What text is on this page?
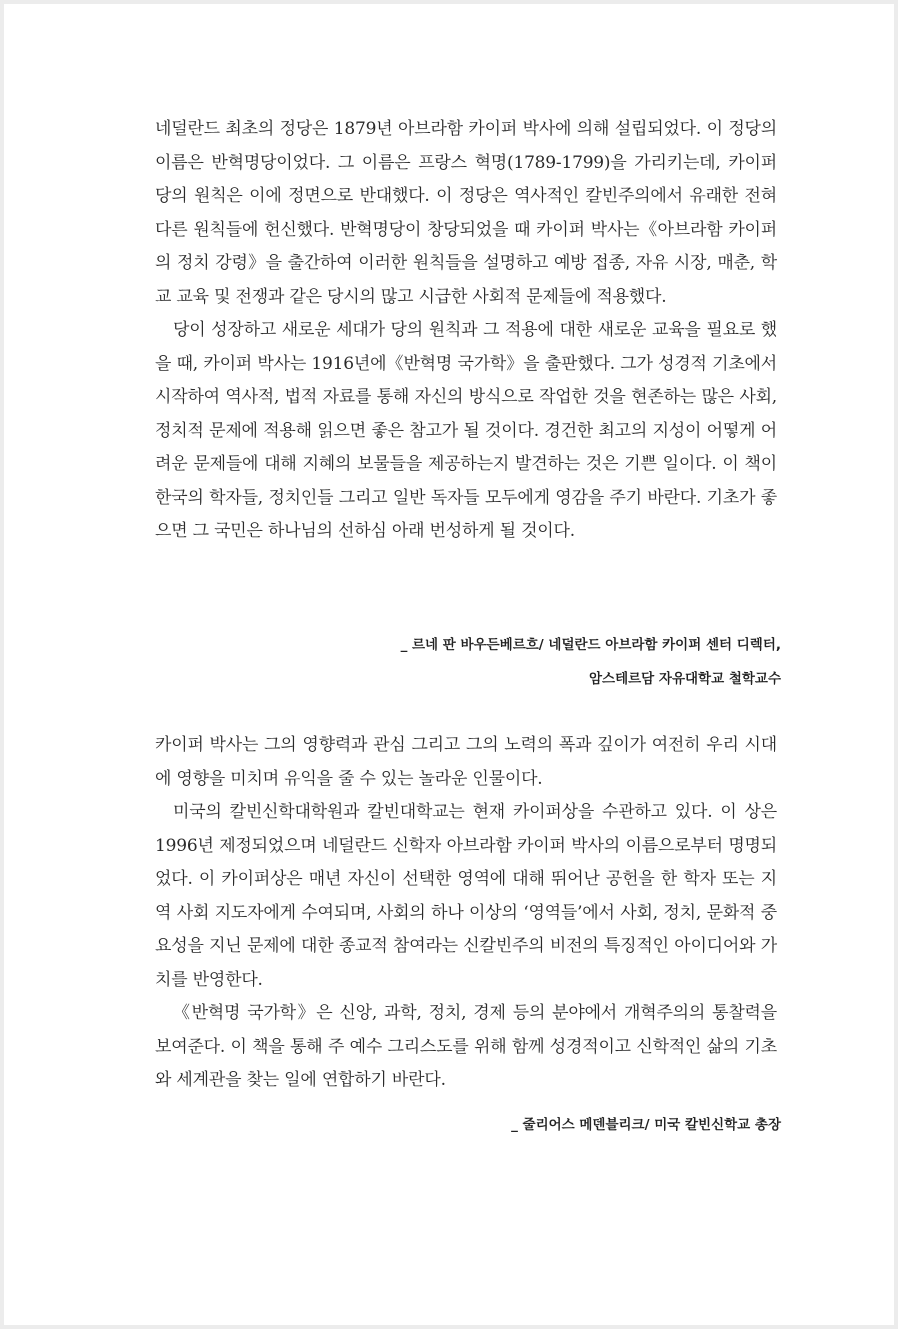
네덜란드 최초의 정당은 1879년 아브라함 카이퍼 박사에 의해 설립되었다. 이 정당의 이름은 반혁명당이었다. 그 이름은 프랑스 혁명(1789-1799)을 가리키는데, 카이퍼 당의 원칙은 이에 정면으로 반대했다. 이 정당은 역사적인 칼빈주의에서 유래한 전혀 다른 원칙들에 헌신했다. 반혁명당이 창당되었을 때 카이퍼 박사는《아브라함 카이퍼의 정치 강령》을 출간하여 이러한 원칙들을 설명하고 예방 접종, 자유 시장, 매춘, 학교 교육 및 전쟁과 같은 당시의 많고 시급한 사회적 문제들에 적용했다.

당이 성장하고 새로운 세대가 당의 원칙과 그 적용에 대한 새로운 교육을 필요로 했을 때, 카이퍼 박사는 1916년에《반혁명 국가학》을 출판했다. 그가 성경적 기초에서 시작하여 역사적, 법적 자료를 통해 자신의 방식으로 작업한 것을 현존하는 많은 사회, 정치적 문제에 적용해 읽으면 좋은 참고가 될 것이다. 경건한 최고의 지성이 어떻게 어려운 문제들에 대해 지혜의 보물들을 제공하는지 발견하는 것은 기쁜 일이다. 이 책이 한국의 학자들, 정치인들 그리고 일반 독자들 모두에게 영감을 주기 바란다. 기초가 좋으면 그 국민은 하나님의 선하심 아래 번성하게 될 것이다.

_ 르네 판 바우든베르흐/ 네덜란드 아브라함 카이퍼 센터 디렉터,
암스테르담 자유대학교 철학교수

카이퍼 박사는 그의 영향력과 관심 그리고 그의 노력의 폭과 깊이가 여전히 우리 시대에 영향을 미치며 유익을 줄 수 있는 놀라운 인물이다.

미국의 칼빈신학대학원과 칼빈대학교는 현재 카이퍼상을 수관하고 있다. 이 상은 1996년 제정되었으며 네덜란드 신학자 아브라함 카이퍼 박사의 이름으로부터 명명되었다. 이 카이퍼상은 매년 자신이 선택한 영역에 대해 뛰어난 공헌을 한 학자 또는 지역 사회 지도자에게 수여되며, 사회의 하나 이상의 ‘영역들’에서 사회, 정치, 문화적 중요성을 지닌 문제에 대한 종교적 참여라는 신칼빈주의 비전의 특징적인 아이디어와 가치를 반영한다.

《반혁명 국가학》은 신앙, 과학, 정치, 경제 등의 분야에서 개혁주의의 통찰력을 보여준다. 이 책을 통해 주 예수 그리스도를 위해 함께 성경적이고 신학적인 삶의 기초와 세계관을 찾는 일에 연합하기 바란다.

_ 줄리어스 메덴블리크/ 미국 칼빈신학교 총장
